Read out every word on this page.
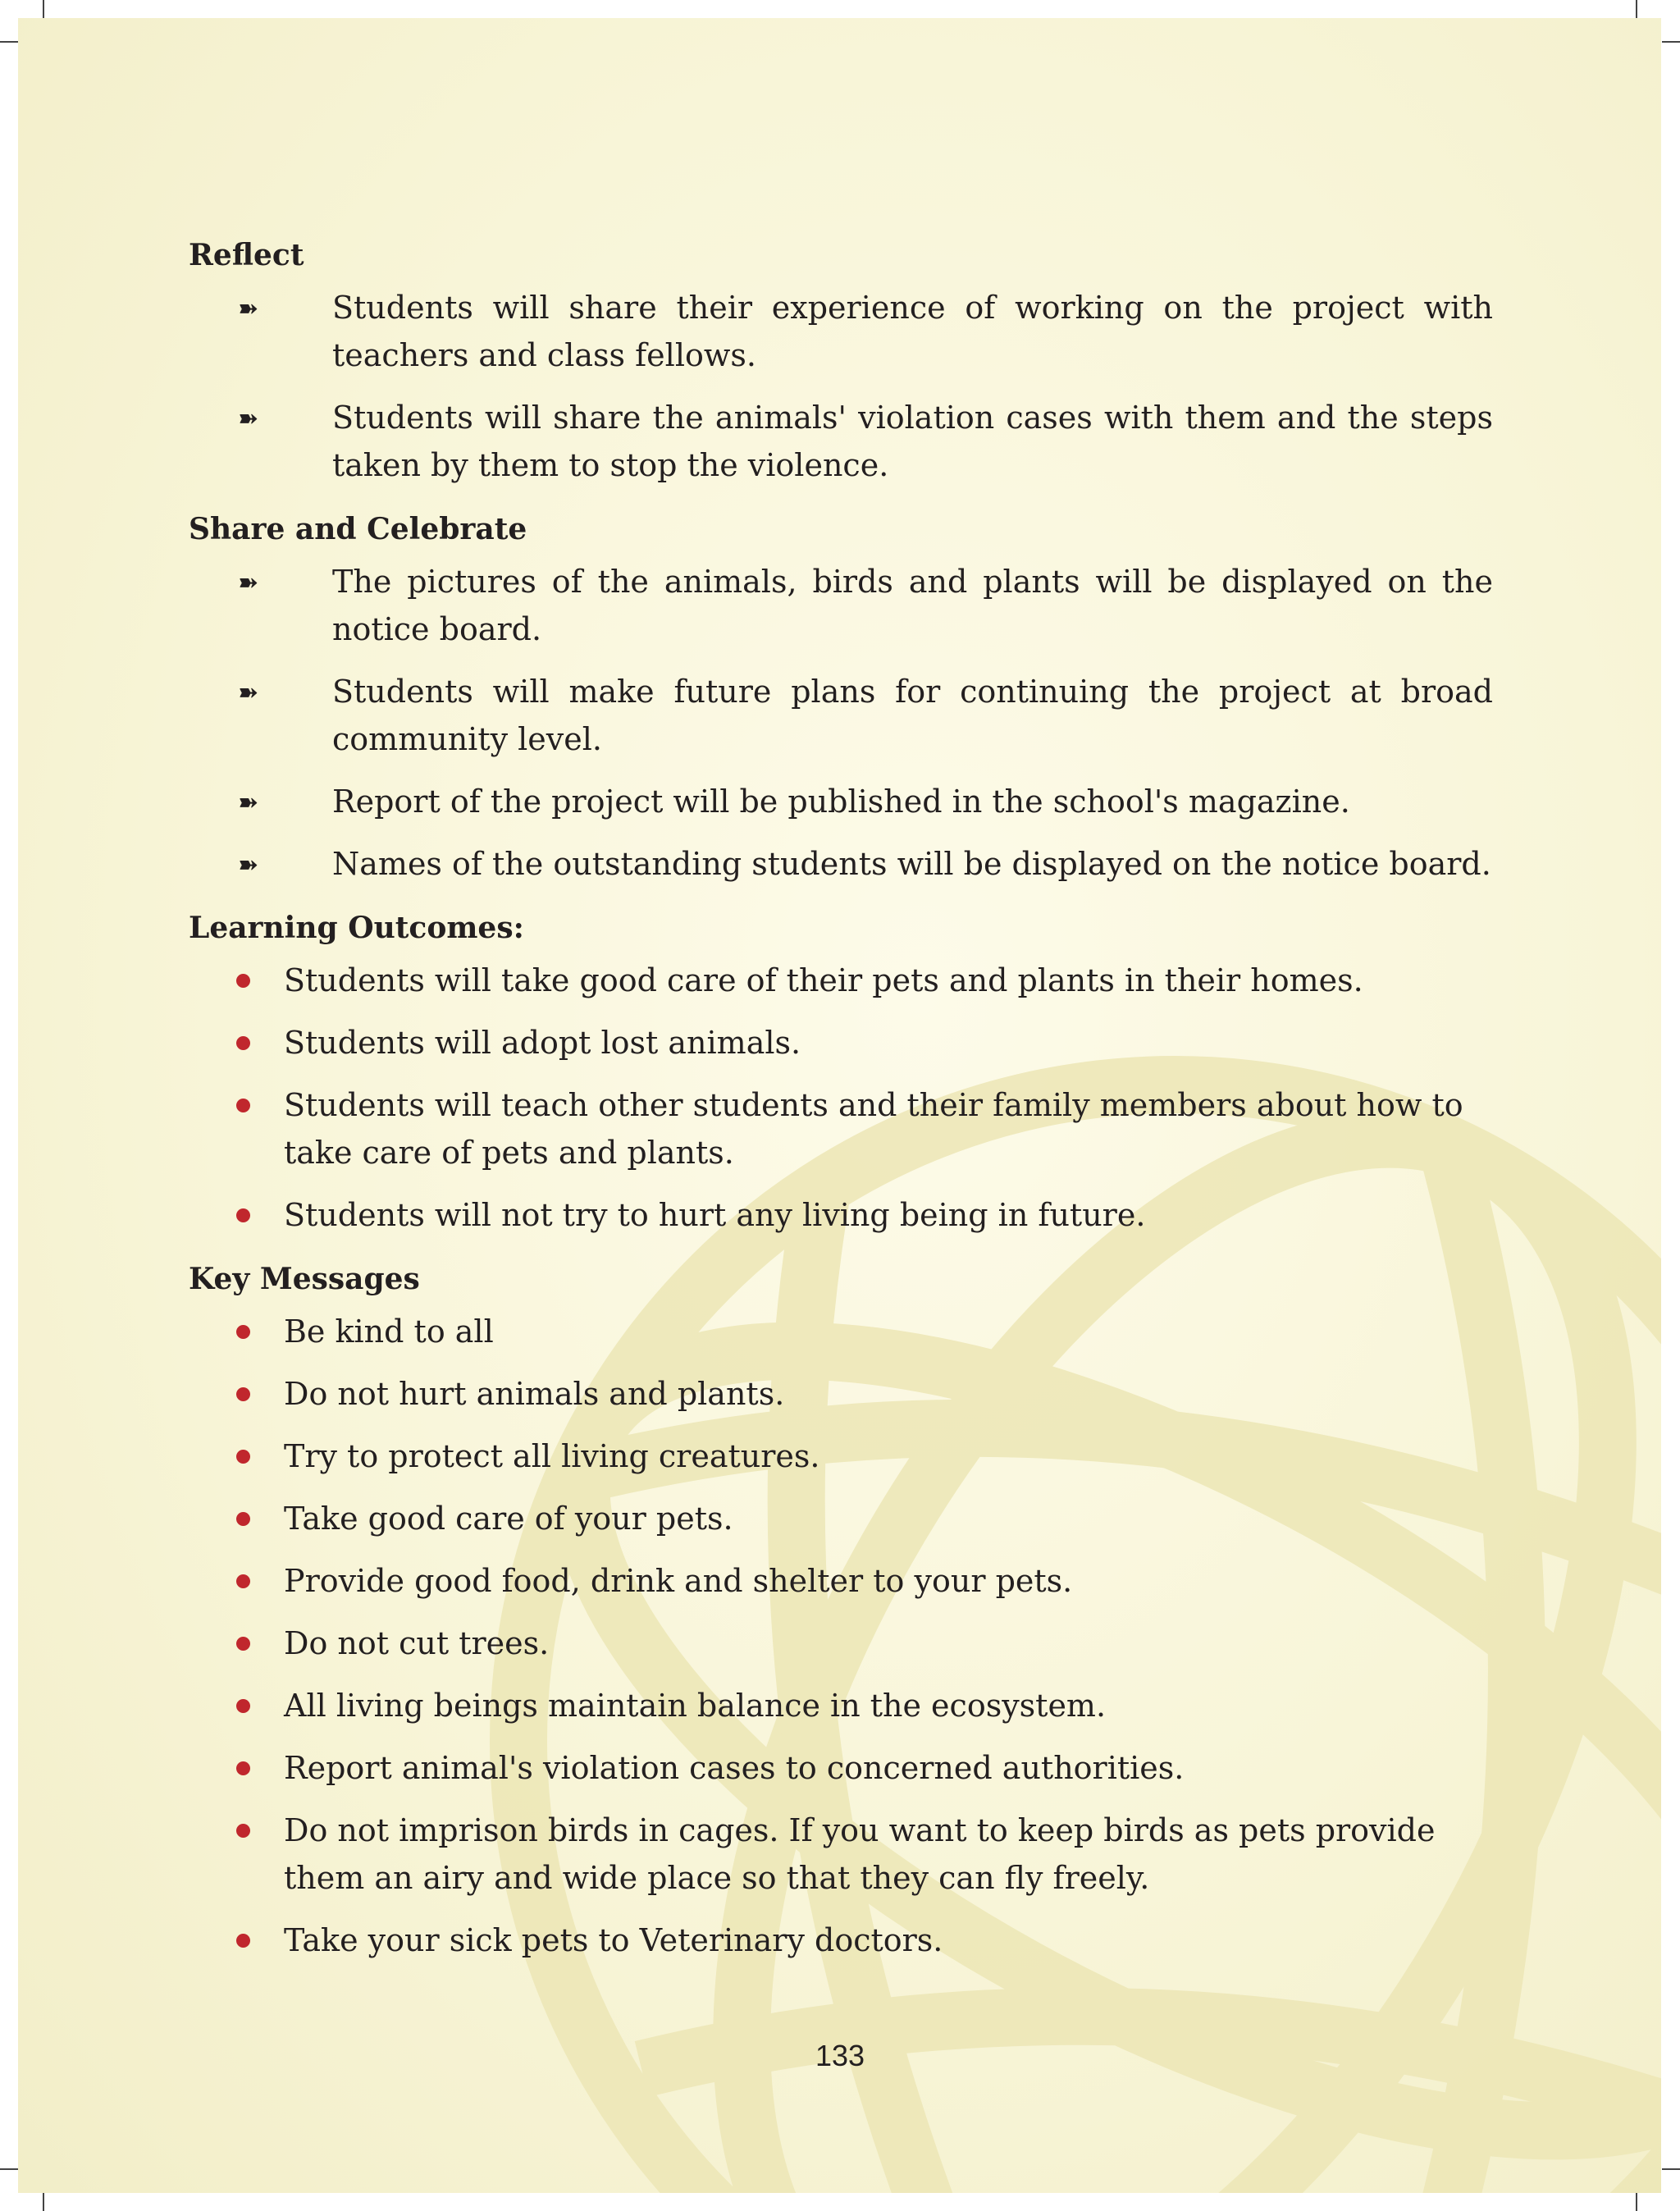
Reflect
➽ Students will share their experience of working on the project with teachers and class fellows.
➽ Students will share the animals' violation cases with them and the steps taken by them to stop the violence.
Share and Celebrate
➽ The pictures of the animals, birds and plants will be displayed on the notice board.
➽ Students will make future plans for continuing the project at broad community level.
➽ Report of the project will be published in the school's magazine.
➽ Names of the outstanding students will be displayed on the notice board.
Learning Outcomes:
Students will take good care of their pets and plants in their homes.
Students will adopt lost animals.
Students will teach other students and their family members about how to take care of pets and plants.
Students will not try to hurt any living being in future.
Key Messages
Be kind to all
Do not hurt animals and plants.
Try to protect all living creatures.
Take good care of your pets.
Provide good food, drink and shelter to your pets.
Do not cut trees.
All living beings maintain balance in the ecosystem.
Report animal's violation cases to concerned authorities.
Do not imprison birds in cages. If you want to keep birds as pets provide them an airy and wide place so that they can fly freely.
Take your sick pets to Veterinary doctors.
133
